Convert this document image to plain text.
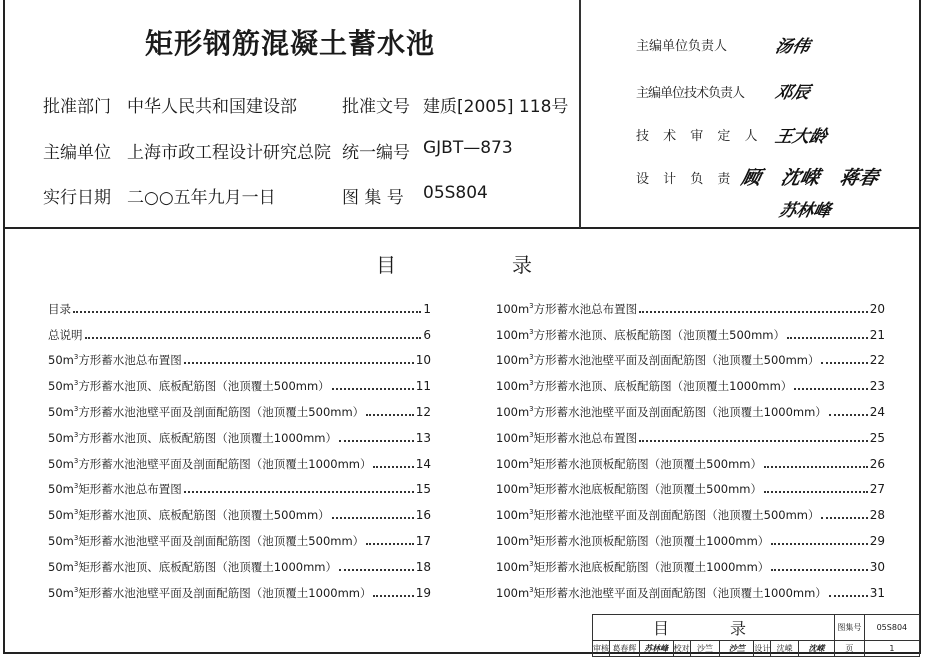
矩形钢筋混凝土蓄水池
批准部门 中华人民共和国建设部
主编单位 上海市政工程设计研究总院
实行日期 二○○五年九月一日
批准文号 建质[2005] 118号
统一编号 GJBT—873
图 集 号 05S804
主编单位负责人	汤伟
主编单位技术负责人 邓辰
技 术 审 定 人 王大龄
设 计 负 责 人
顾 沈嵘 蒋春
苏林峰
目	录
目录	1
总说明	6
$50m^3$方形蓄水池总布置图	10
$50m^3$方形蓄水池顶、底板配筋图（池顶覆土500mm）	11
$50m^3$方形蓄水池池壁平面及剖面配筋图（池顶覆土500mm）	12
$50m^3$方形蓄水池顶、底板配筋图（池顶覆土1000mm）	13
$50m^3$方形蓄水池池壁平面及剖面配筋图（池顶覆土1000mm）	14
$50m^3$矩形蓄水池总布置图	15
$50m^3$矩形蓄水池顶、底板配筋图（池顶覆土500mm）	16
$50m^3$矩形蓄水池池壁平面及剖面配筋图（池顶覆土500mm）	17
$50m^3$矩形蓄水池顶、底板配筋图（池顶覆土1000mm）	18
$50m^3$矩形蓄水池池壁平面及剖面配筋图（池顶覆土1000mm）	19
$100m^3$方形蓄水池总布置图	20
$100m^3$方形蓄水池顶、底板配筋图（池顶覆土500mm）	21
$100m^3$方形蓄水池池壁平面及剖面配筋图（池顶覆土500mm）	22
$100m^3$方形蓄水池顶、底板配筋图（池顶覆土1000mm）	23
$100m^3$方形蓄水池池壁平面及剖面配筋图（池顶覆土1000mm）	24
$100m^3$矩形蓄水池总布置图	25
$100m^3$矩形蓄水池顶板配筋图（池顶覆土500mm）	26
$100m^3$矩形蓄水池底板配筋图（池顶覆土500mm）	27
$100m^3$矩形蓄水池池壁平面及剖面配筋图（池顶覆土500mm）	28
$100m^3$矩形蓄水池顶板配筋图（池顶覆土1000mm）	29
$100m^3$矩形蓄水池底板配筋图（池顶覆土1000mm）	30
$100m^3$矩形蓄水池池壁平面及剖面配筋图（池顶覆土1000mm）	31
目 录									图集号	05S804
审核	葛春辉	苏林峰	校对	沙竺	沙竺	设计	沈嵘	沈嵘	页	1
